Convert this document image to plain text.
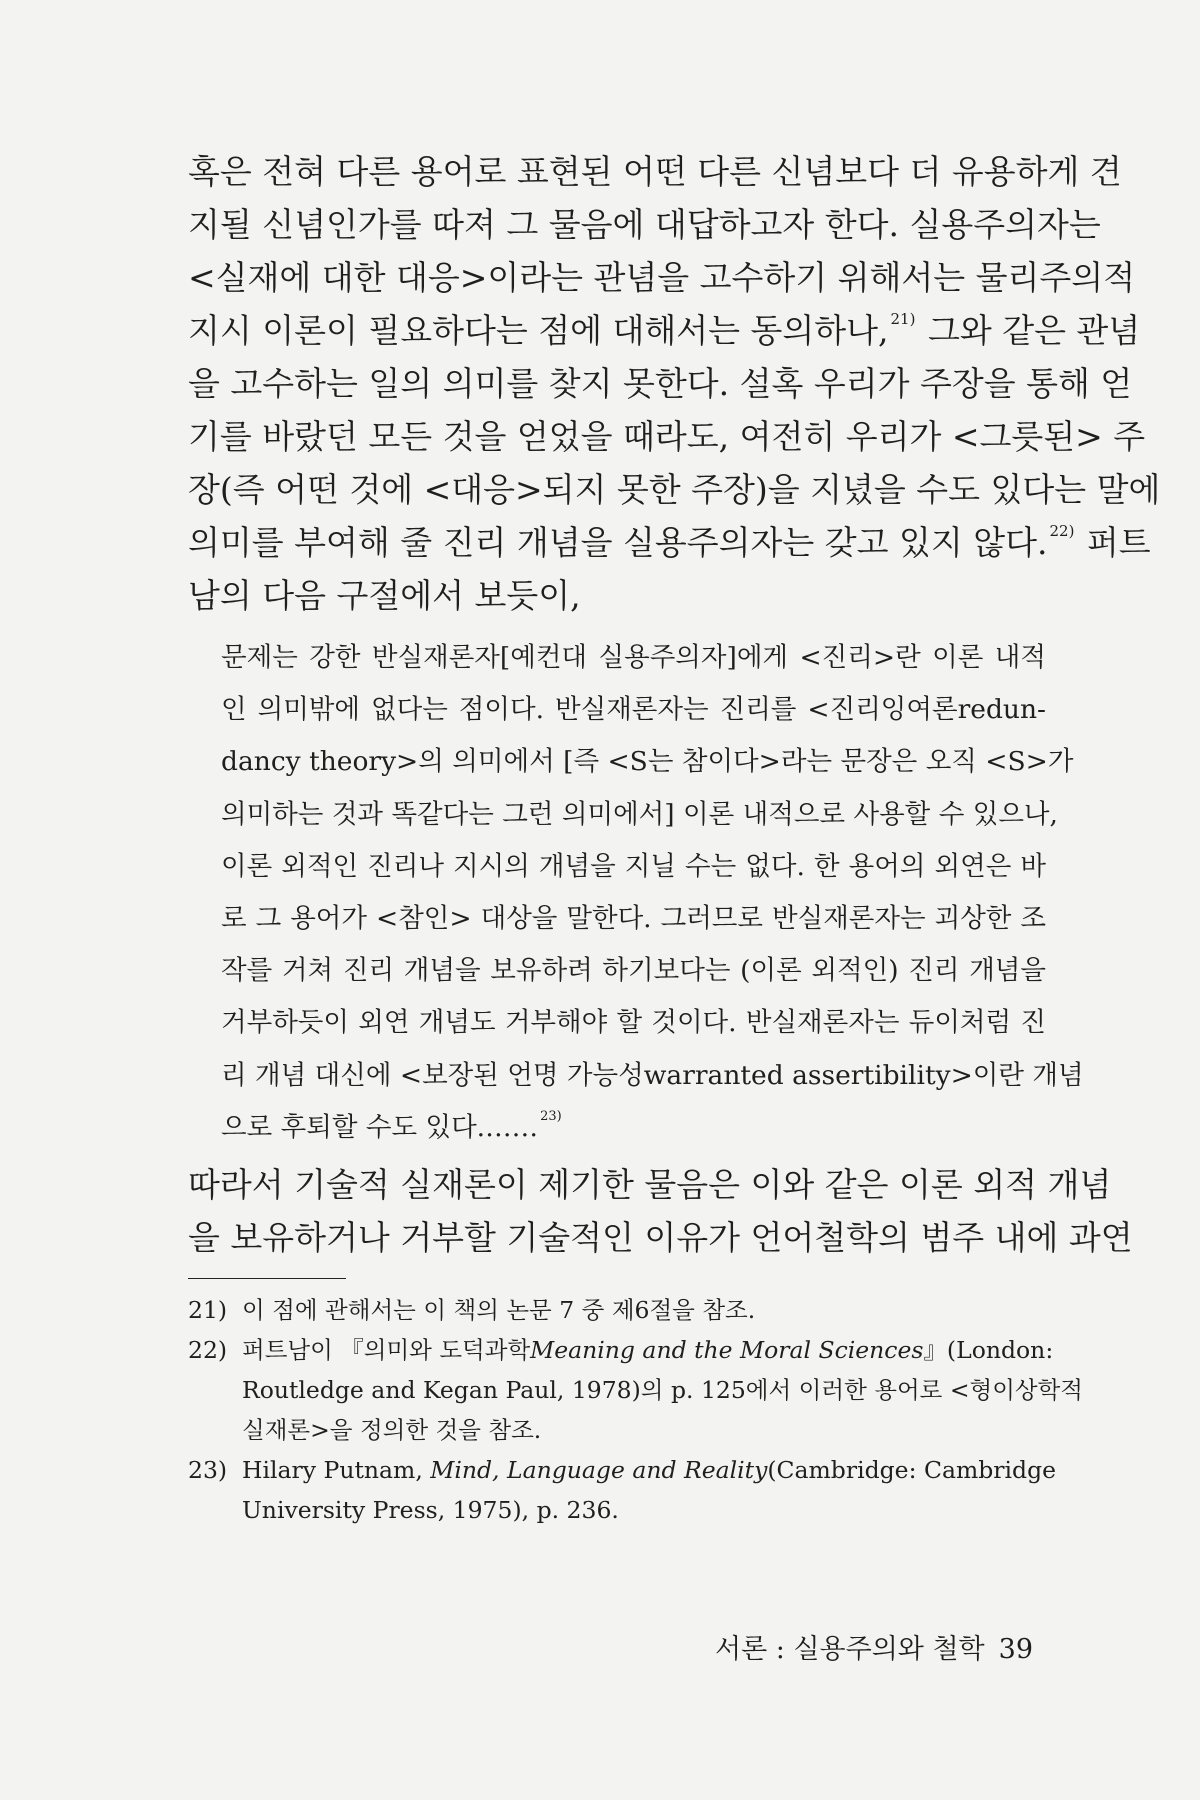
혹은 전혀 다른 용어로 표현된 어떤 다른 신념보다 더 유용하게 견
지될 신념인가를 따져 그 물음에 대답하고자 한다. 실용주의자는
<실재에 대한 대응>이라는 관념을 고수하기 위해서는 물리주의적
지시 이론이 필요하다는 점에 대해서는 동의하나, $^{21)}$ 그와 같은 관념
을 고수하는 일의 의미를 찾지 못한다. 설혹 우리가 주장을 통해 얻
기를 바랐던 모든 것을 얻었을 때라도, 여전히 우리가 <그릇된> 주
장(즉 어떤 것에 <대응>되지 못한 주장)을 지녔을 수도 있다는 말에
의미를 부여해 줄 진리 개념을 실용주의자는 갖고 있지 않다. $^{22)}$ 퍼트
남의 다음 구절에서 보듯이,
문제는 강한 반실재론자[예컨대 실용주의자]에게 <진리>란 이론 내적
인 의미밖에 없다는 점이다. 반실재론자는 진리를 <진리잉여론redun-
dancy theory>의 의미에서 [즉 <S는 참이다>라는 문장은 오직 <S>가
의미하는 것과 똑같다는 그런 의미에서] 이론 내적으로 사용할 수 있으나,
이론 외적인 진리나 지시의 개념을 지닐 수는 없다. 한 용어의 외연은 바
로 그 용어가 <참인> 대상을 말한다. 그러므로 반실재론자는 괴상한 조
작를 거쳐 진리 개념을 보유하려 하기보다는 (이론 외적인) 진리 개념을
거부하듯이 외연 개념도 거부해야 할 것이다. 반실재론자는 듀이처럼 진
리 개념 대신에 <보장된 언명 가능성warranted assertibility>이란 개념
으로 후퇴할 수도 있다.…… $^{23)}$
따라서 기술적 실재론이 제기한 물음은 이와 같은 이론 외적 개념
을 보유하거나 거부할 기술적인 이유가 언어철학의 범주 내에 과연
21) 이 점에 관해서는 이 책의 논문 7 중 제6절을 참조.
22) 퍼트남이 『의미와 도덕과학Meaning and the Moral Sciences』(London:
Routledge and Kegan Paul, 1978)의 p. 125에서 이러한 용어로 <형이상학적
실재론>을 정의한 것을 참조.
23) Hilary Putnam, Mind, Language and Reality(Cambridge: Cambridge
University Press, 1975), p. 236.
서론 : 실용주의와 철학 39
